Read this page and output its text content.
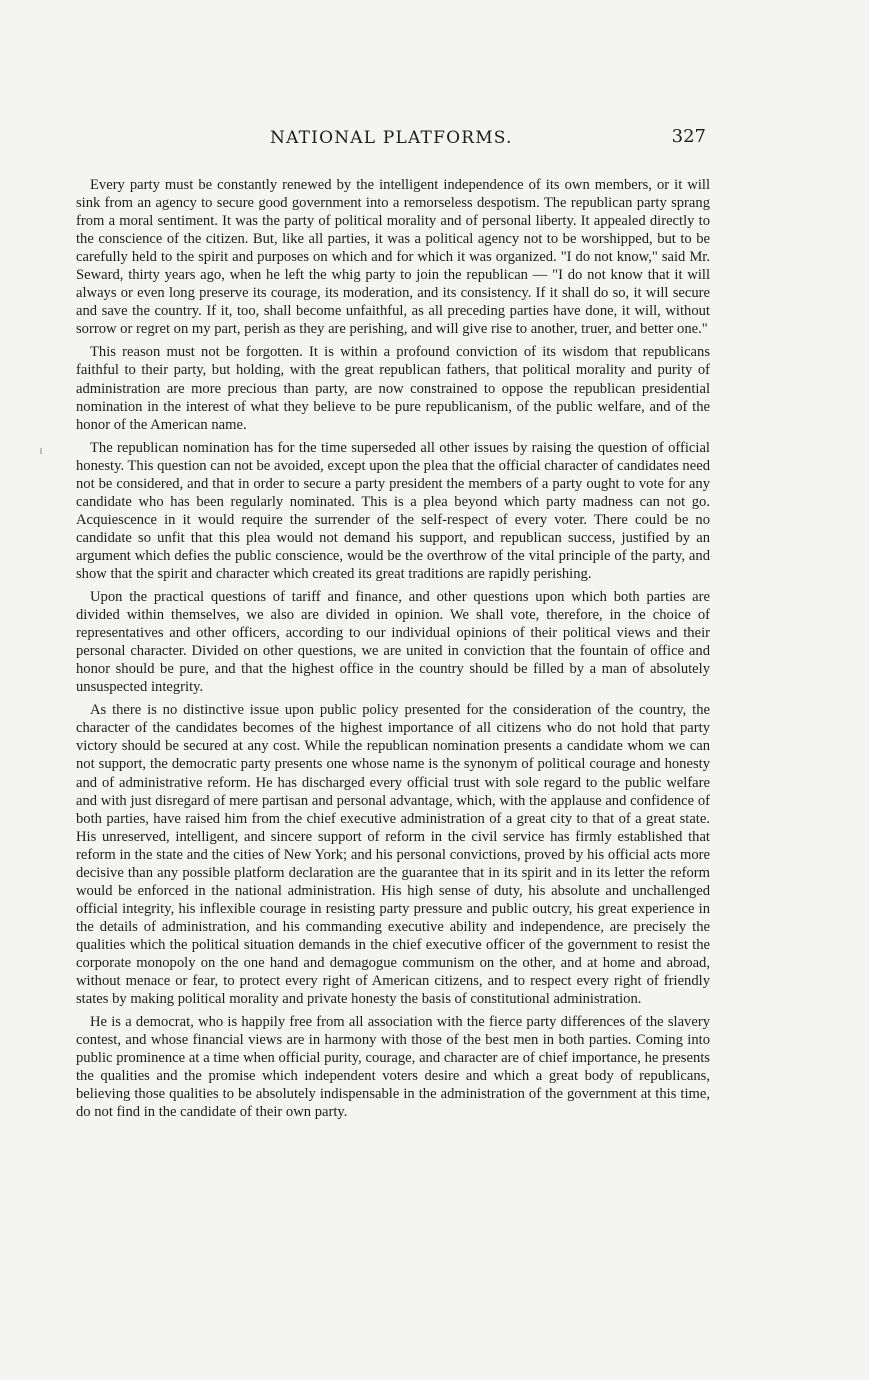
NATIONAL PLATFORMS.	327

Every party must be constantly renewed by the intelligent independence of its own members, or it will sink from an agency to secure good government into a remorseless despotism. The republican party sprang from a moral sentiment. It was the party of political morality and of personal liberty. It appealed directly to the conscience of the citizen. But, like all parties, it was a political agency not to be worshipped, but to be carefully held to the spirit and purposes on which and for which it was organized. "I do not know," said Mr. Seward, thirty years ago, when he left the whig party to join the republican — "I do not know that it will always or even long preserve its courage, its moderation, and its consistency. If it shall do so, it will secure and save the country. If it, too, shall become unfaithful, as all preceding parties have done, it will, without sorrow or regret on my part, perish as they are perishing, and will give rise to another, truer, and better one."

This reason must not be forgotten. It is within a profound conviction of its wisdom that republicans faithful to their party, but holding, with the great republican fathers, that political morality and purity of administration are more precious than party, are now constrained to oppose the republican presidential nomination in the interest of what they believe to be pure republicanism, of the public welfare, and of the honor of the American name.

The republican nomination has for the time superseded all other issues by raising the question of official honesty. This question can not be avoided, except upon the plea that the official character of candidates need not be considered, and that in order to secure a party president the members of a party ought to vote for any candidate who has been regularly nominated. This is a plea beyond which party madness can not go. Acquiescence in it would require the surrender of the self-respect of every voter. There could be no candidate so unfit that this plea would not demand his support, and republican success, justified by an argument which defies the public conscience, would be the overthrow of the vital principle of the party, and show that the spirit and character which created its great traditions are rapidly perishing.

Upon the practical questions of tariff and finance, and other questions upon which both parties are divided within themselves, we also are divided in opinion. We shall vote, therefore, in the choice of representatives and other officers, according to our individual opinions of their political views and their personal character. Divided on other questions, we are united in conviction that the fountain of office and honor should be pure, and that the highest office in the country should be filled by a man of absolutely unsuspected integrity.

As there is no distinctive issue upon public policy presented for the consideration of the country, the character of the candidates becomes of the highest importance of all citizens who do not hold that party victory should be secured at any cost. While the republican nomination presents a candidate whom we can not support, the democratic party presents one whose name is the synonym of political courage and honesty and of administrative reform. He has discharged every official trust with sole regard to the public welfare and with just disregard of mere partisan and personal advantage, which, with the applause and confidence of both parties, have raised him from the chief executive administration of a great city to that of a great state. His unreserved, intelligent, and sincere support of reform in the civil service has firmly established that reform in the state and the cities of New York; and his personal convictions, proved by his official acts more decisive than any possible platform declaration are the guarantee that in its spirit and in its letter the reform would be enforced in the national administration. His high sense of duty, his absolute and unchallenged official integrity, his inflexible courage in resisting party pressure and public outcry, his great experience in the details of administration, and his commanding executive ability and independence, are precisely the qualities which the political situation demands in the chief executive officer of the government to resist the corporate monopoly on the one hand and demagogue communism on the other, and at home and abroad, without menace or fear, to protect every right of American citizens, and to respect every right of friendly states by making political morality and private honesty the basis of constitutional administration.

He is a democrat, who is happily free from all association with the fierce party differences of the slavery contest, and whose financial views are in harmony with those of the best men in both parties. Coming into public prominence at a time when official purity, courage, and character are of chief importance, he presents the qualities and the promise which independent voters desire and which a great body of republicans, believing those qualities to be absolutely indispensable in the administration of the government at this time, do not find in the candidate of their own party.
